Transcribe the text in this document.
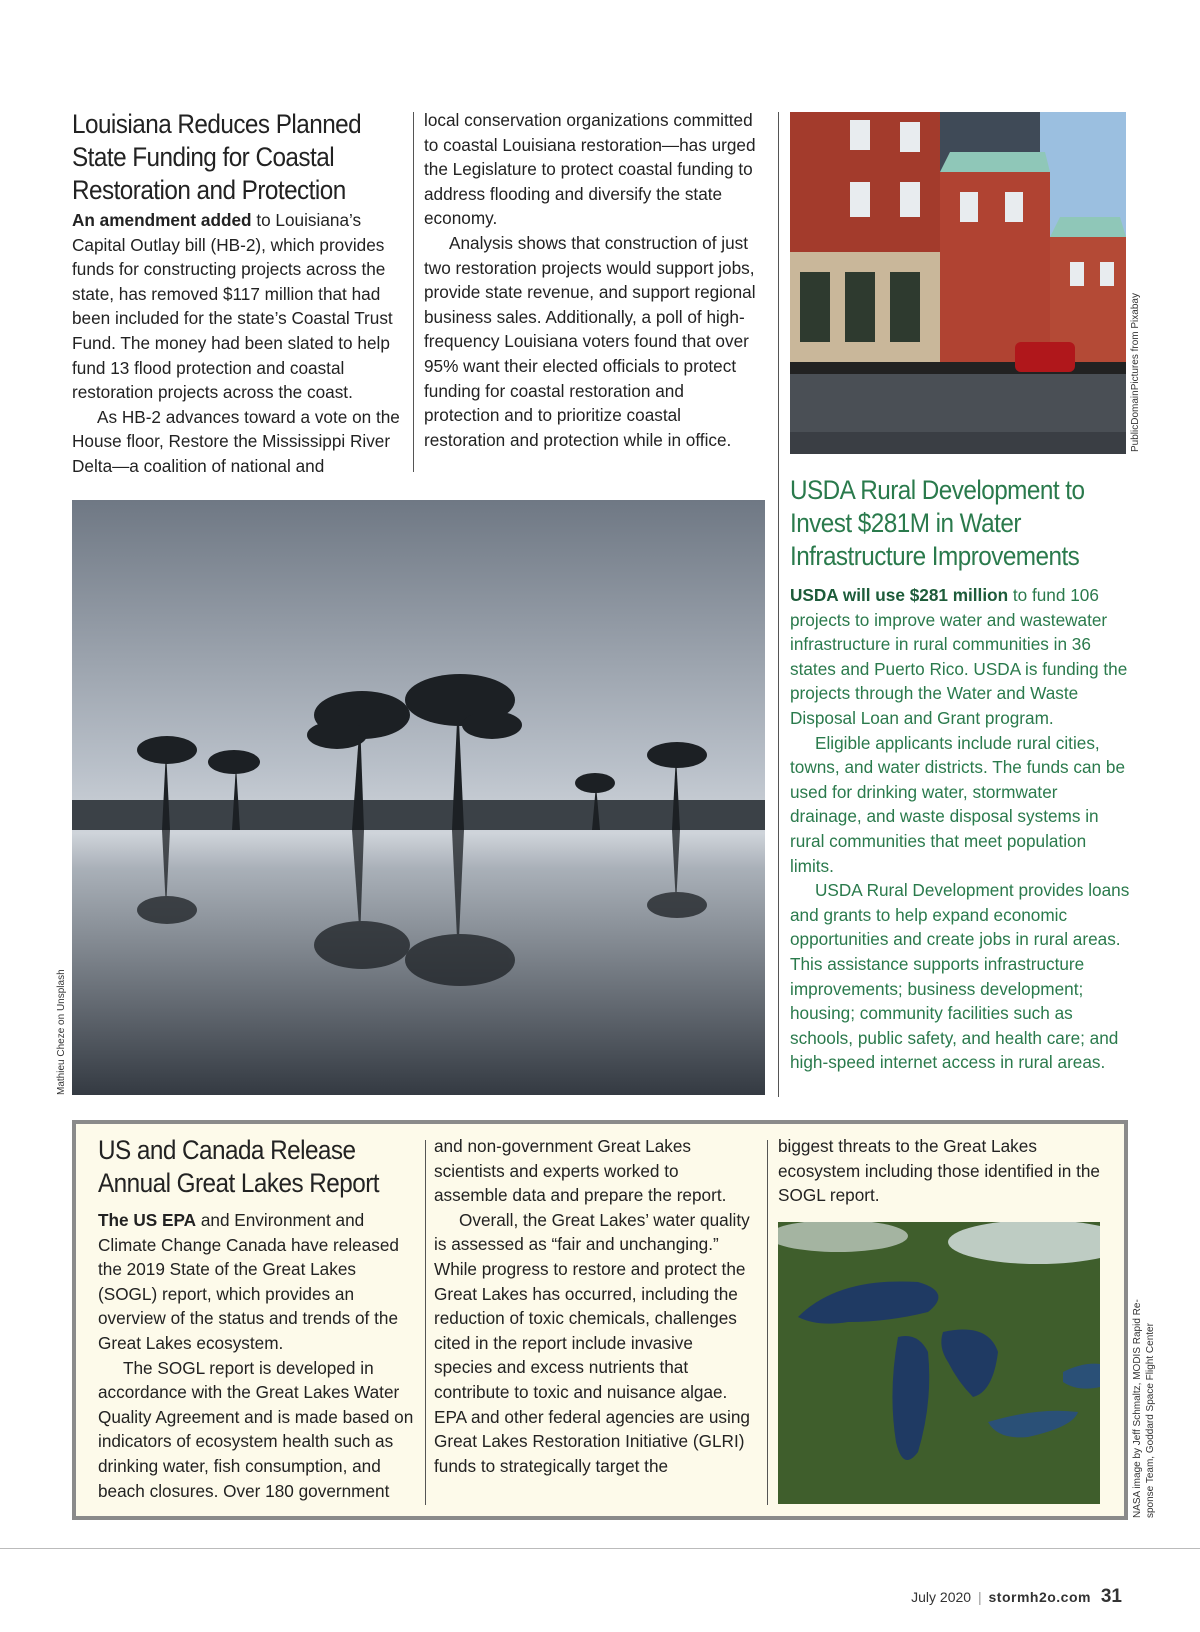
Louisiana Reduces Planned State Funding for Coastal Restoration and Protection

An amendment added to Louisiana’s Capital Outlay bill (HB-2), which provides funds for constructing projects across the state, has removed $117 million that had been included for the state’s Coastal Trust Fund. The money had been slated to help fund 13 flood protection and coastal restoration projects across the coast.

As HB-2 advances toward a vote on the House floor, Restore the Mississippi River Delta—a coalition of national and

local conservation organizations committed to coastal Louisiana restoration—has urged the Legislature to protect coastal funding to address flooding and diversify the state economy.

Analysis shows that construction of just two restoration projects would support jobs, provide state revenue, and support regional business sales. Additionally, a poll of high-frequency Louisiana voters found that over 95% want their elected officials to protect funding for coastal restoration and protection and to prioritize coastal restoration and protection while in office.

Mathieu Cheze on Unsplash
PublicDomainPictures from Pixabay
USDA Rural Development to Invest $281M in Water Infrastructure Improvements

USDA will use $281 million to fund 106 projects to improve water and wastewater infrastructure in rural communities in 36 states and Puerto Rico. USDA is funding the projects through the Water and Waste Disposal Loan and Grant program.

Eligible applicants include rural cities, towns, and water districts. The funds can be used for drinking water, stormwater drainage, and waste disposal systems in rural communities that meet population limits.

USDA Rural Development provides loans and grants to help expand economic opportunities and create jobs in rural areas. This assistance supports infrastructure improvements; business development; housing; community facilities such as schools, public safety, and health care; and high-speed internet access in rural areas.

US and Canada Release Annual Great Lakes Report

The US EPA and Environment and Climate Change Canada have released the 2019 State of the Great Lakes (SOGL) report, which provides an overview of the status and trends of the Great Lakes ecosystem.

The SOGL report is developed in accordance with the Great Lakes Water Quality Agreement and is made based on indicators of ecosystem health such as drinking water, fish consumption, and beach closures. Over 180 government

and non-government Great Lakes scientists and experts worked to assemble data and prepare the report.

Overall, the Great Lakes’ water quality is assessed as “fair and unchanging.” While progress to restore and protect the Great Lakes has occurred, including the reduction of toxic chemicals, challenges cited in the report include invasive species and excess nutrients that contribute to toxic and nuisance algae. EPA and other federal agencies are using Great Lakes Restoration Initiative (GLRI) funds to strategically target the

biggest threats to the Great Lakes ecosystem including those identified in the SOGL report.

NASA image by Jeff Schmaltz, MODIS Rapid Re- sponse Team, Goddard Space Flight Center
July 2020 | stormh2o.com 31
